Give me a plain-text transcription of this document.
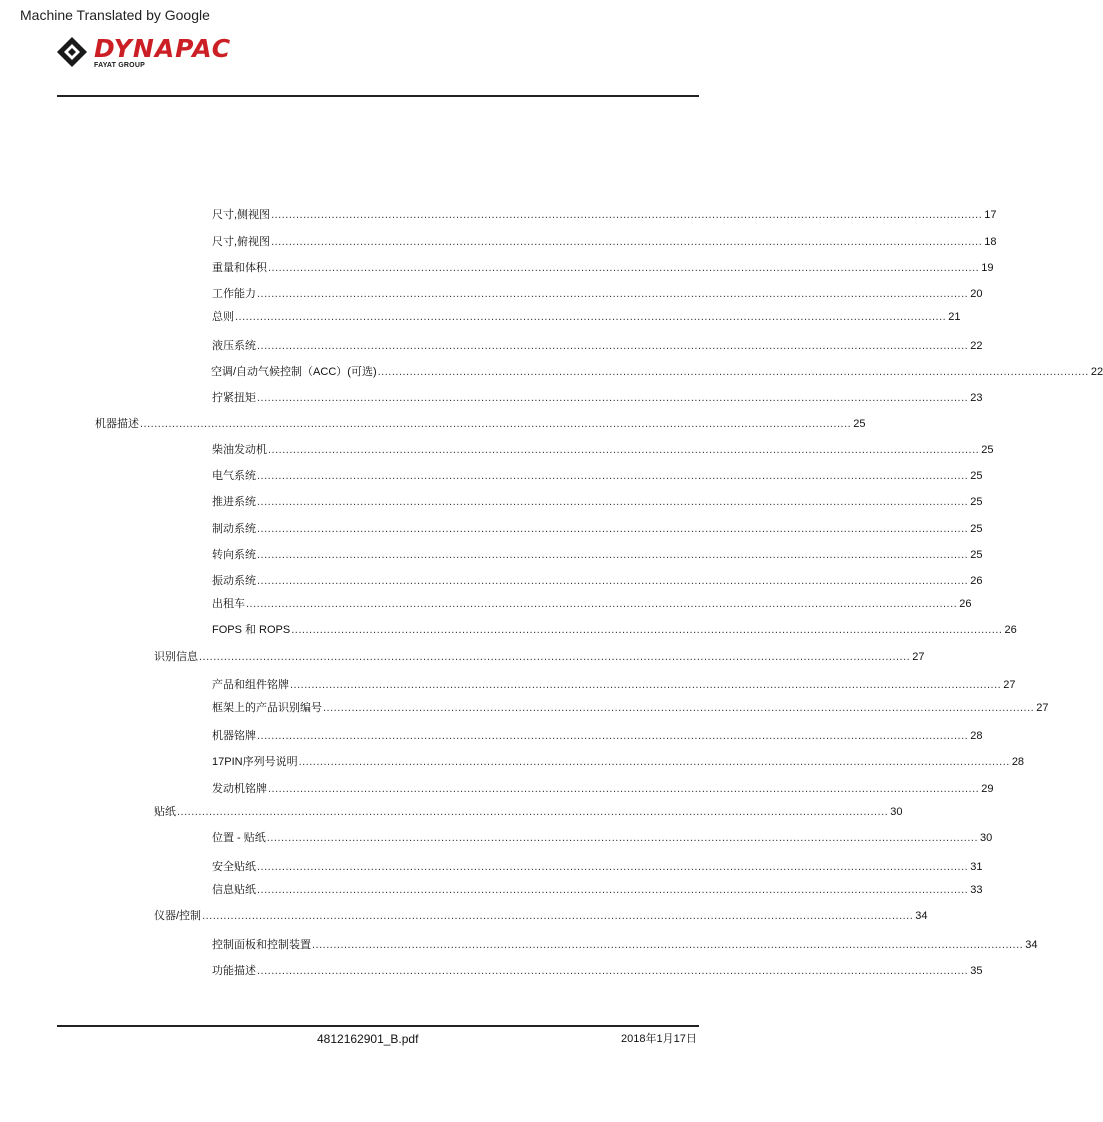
Machine Translated by Google
DYNAPAC
FAYAT GROUP
尺寸,侧视图 ........................................................................................................................................................................................................ 17
尺寸,俯视图 ........................................................................................................................................................................................................ 18
重量和体积 ........................................................................................................................................................................................................ 19
工作能力 ........................................................................................................................................................................................................ 20
总则 ........................................................................................................................................................................................................ 21
液压系统 ........................................................................................................................................................................................................ 22
空调/自动气候控制（ACC）(可选) ........................................................................................................................................................................................................ 22
拧紧扭矩 ........................................................................................................................................................................................................ 23
机器描述 ........................................................................................................................................................................................................ 25
柴油发动机 ........................................................................................................................................................................................................ 25
电气系统 ........................................................................................................................................................................................................ 25
推进系统 ........................................................................................................................................................................................................ 25
制动系统 ........................................................................................................................................................................................................ 25
转向系统 ........................................................................................................................................................................................................ 25
振动系统 ........................................................................................................................................................................................................ 26
出租车 ........................................................................................................................................................................................................ 26
FOPS 和 ROPS ........................................................................................................................................................................................................ 26
识别信息 ........................................................................................................................................................................................................ 27
产品和组件铭牌 ........................................................................................................................................................................................................ 27
框架上的产品识别编号 ........................................................................................................................................................................................................ 27
机器铭牌 ........................................................................................................................................................................................................ 28
17PIN序列号说明 ........................................................................................................................................................................................................ 28
发动机铭牌 ........................................................................................................................................................................................................ 29
贴纸 ........................................................................................................................................................................................................ 30
位置 - 贴纸 ........................................................................................................................................................................................................ 30
安全贴纸 ........................................................................................................................................................................................................ 31
信息贴纸 ........................................................................................................................................................................................................ 33
仪器/控制 ........................................................................................................................................................................................................ 34
控制面板和控制装置 ........................................................................................................................................................................................................ 34
功能描述 ........................................................................................................................................................................................................ 35
4812162901_B.pdf	2018年1月17日
